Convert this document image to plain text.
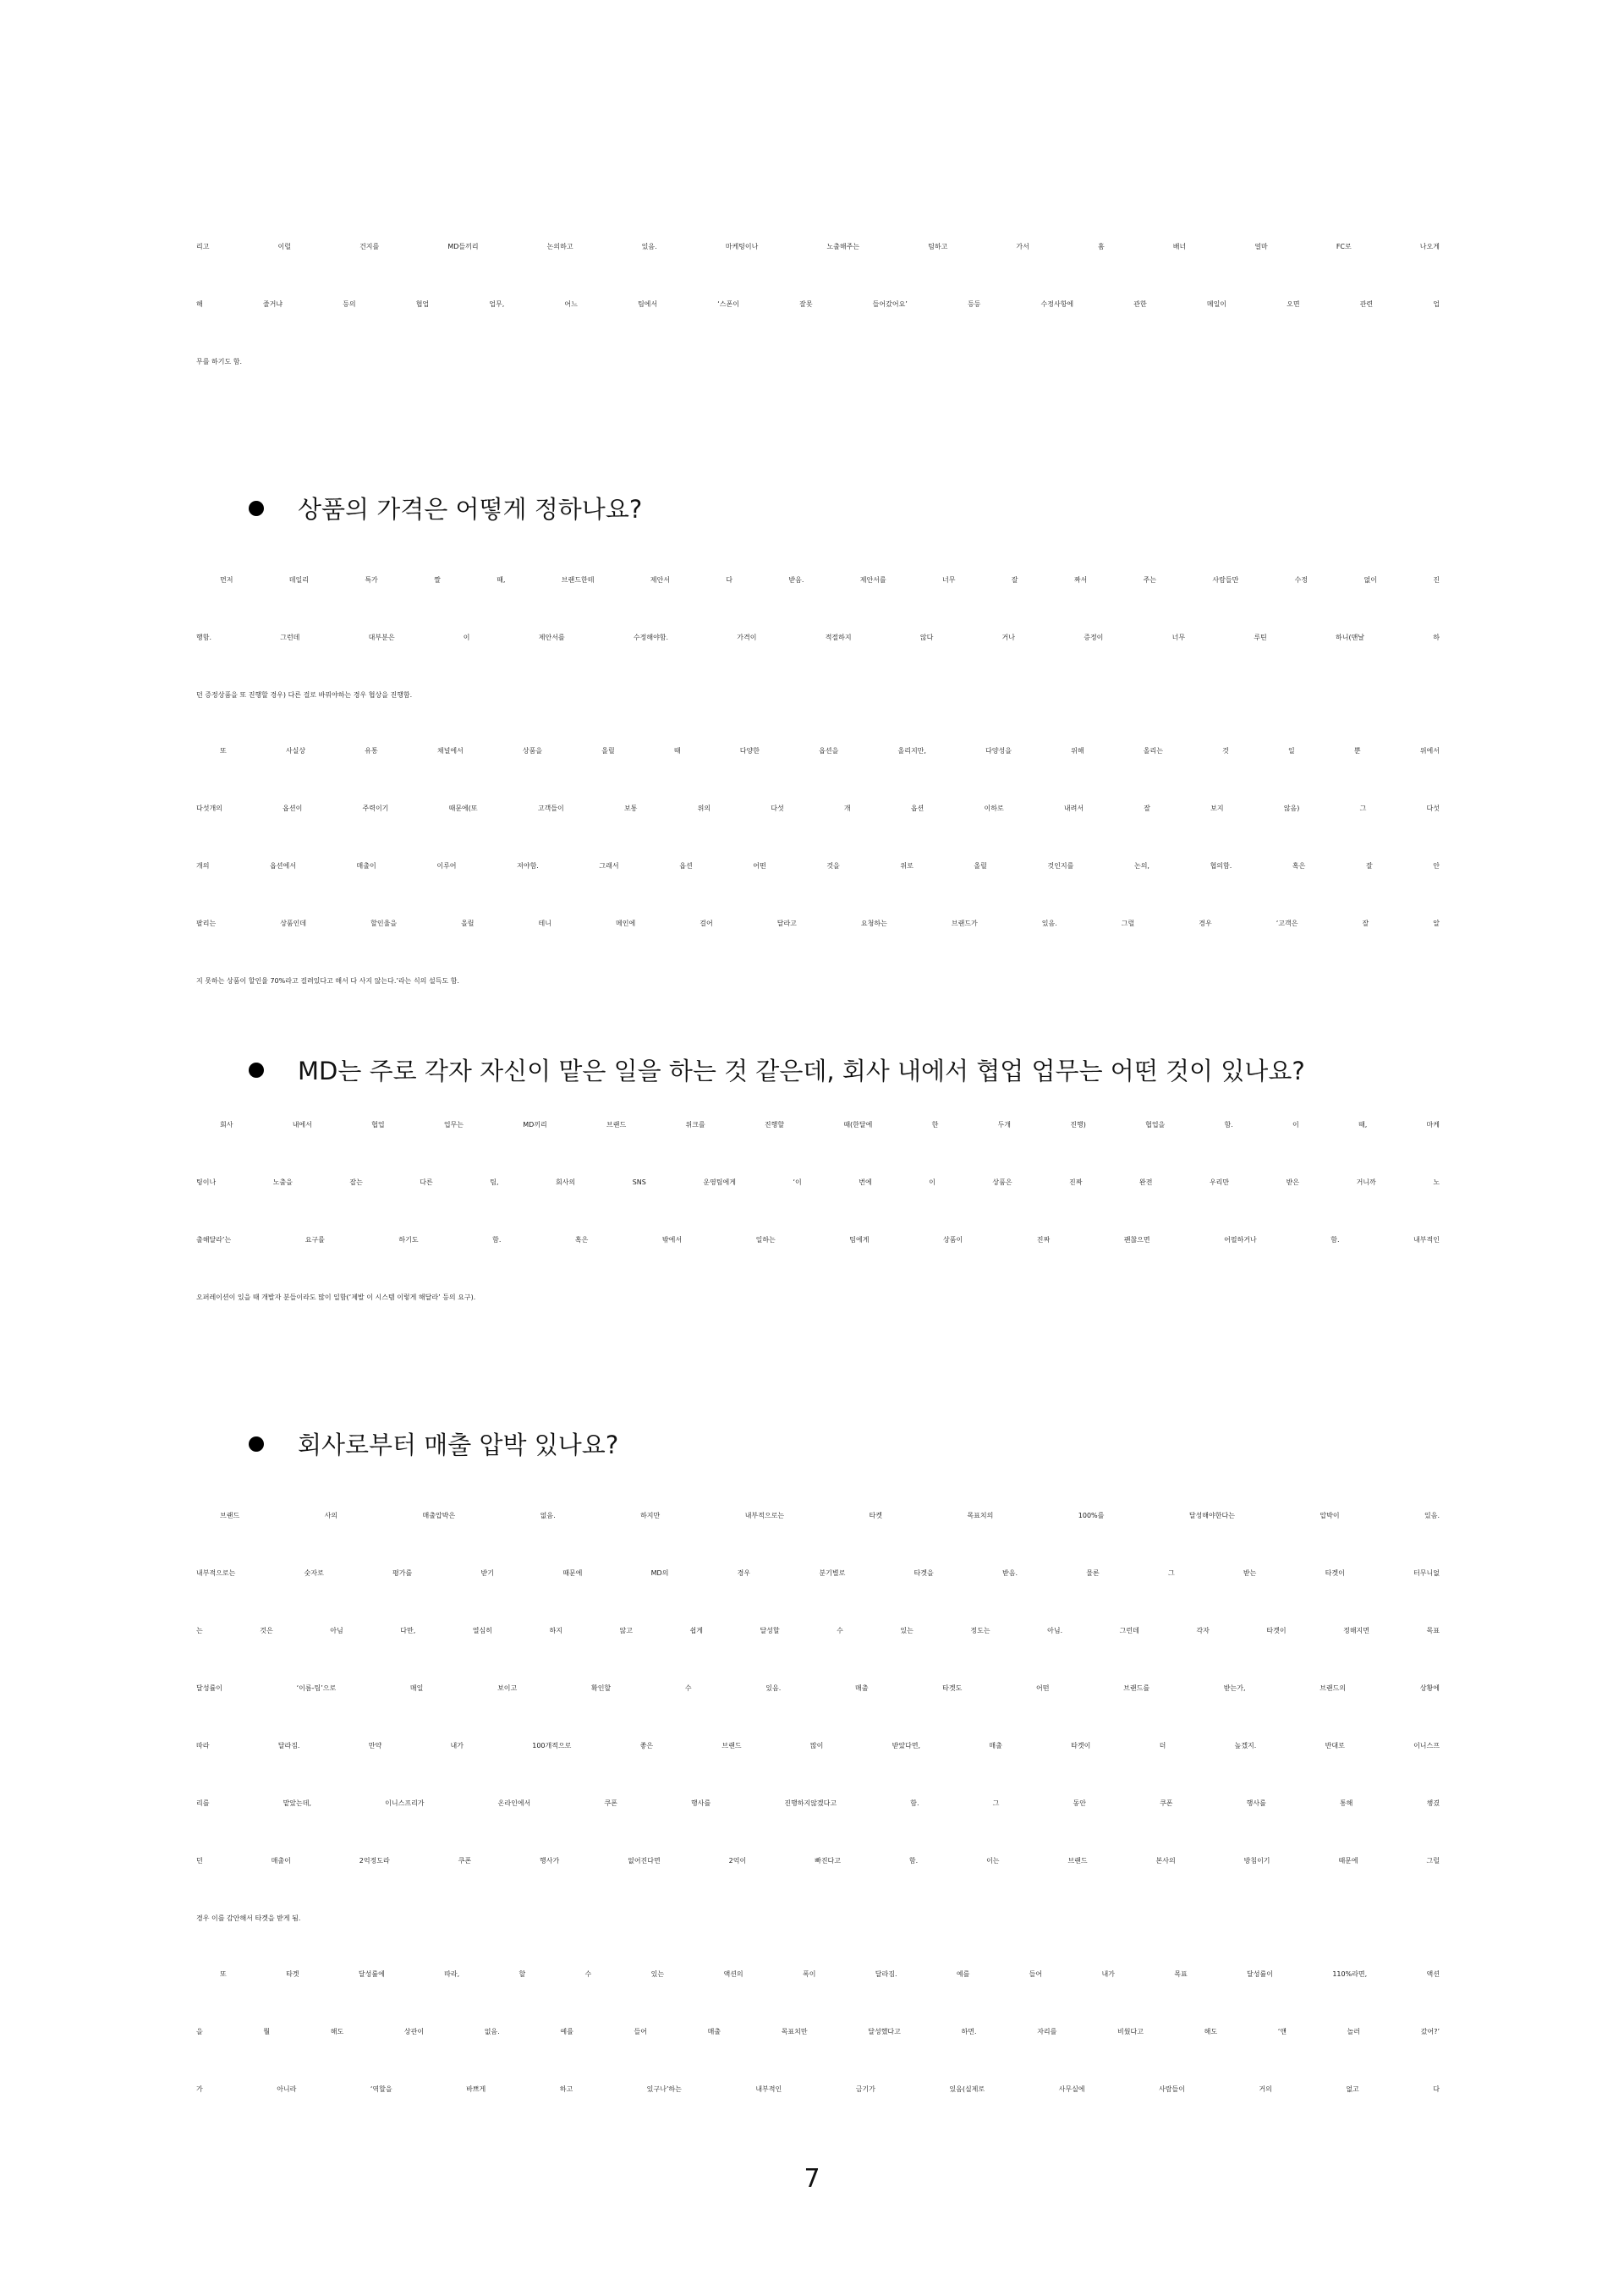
리고 이럴 건지를 MD들끼리 논의하고 있음. 마케팅이나 노출해주는 팀하고 가서 홈 배너 얼마 FC로 나오게
해 줄거냐 등의 협업 업무, 어느 팀에서 ‘스폰이 잘못 들어갔어요’ 등등 수정사항에 관한 메일이 오면 관련 업
무를 하기도 함.
상품의 가격은 어떻게 정하나요?
먼저 데일리 특가 짤 때, 브랜드한테 제안서 다 받음. 제안서를 너무 잘 짜서 주는 사람들만 수정 없이 진
행함. 그런데 대부분은 이 제안서를 수정해야함. 가격이 적절하지 않다 거나 증정이 너무 루틴 하니(맨날 하
던 증정상품을 또 진행할 경우) 다른 걸로 바꿔야하는 경우 협상을 진행함.
또 사실상 유통 채널에서 상품을 올릴 때 다양한 옵션을 올리지만, 다양성을 위해 올리는 것 일 뿐 위에서
다섯개의 옵션이 주력이기 때문에(또 고객들이 보통 위의 다섯 개 옵션 이하로 내려서 잘 보지 않음) 그 다섯
개의 옵션에서 매출이 이루어 져야함. 그래서 옵션 어떤 것을 위로 올릴 것인지를 논의, 협의함. 혹은 잘 안
팔리는 상품인데 할인율을 올릴 테니 메인에 걸어 달라고 요청하는 브랜드가 있음. 그럴 경우 ‘고객은 잘 알
지 못하는 상품이 할인율 70%라고 걸려있다고 해서 다 사지 않는다.’라는 식의 설득도 함.
MD는 주로 각자 자신이 맡은 일을 하는 것 같은데, 회사 내에서 협업 업무는 어떤 것이 있나요?
회사 내에서 협업 업무는 MD끼리 브랜드 위크를 진행할 때(한달에 한 두개 진행) 협업을 함. 이 때, 마케
팅이나 노출을 잡는 다른 팀, 회사의 SNS 운영팀에게 ‘이 번에 이 상품은 진짜 완전 우리만 받은 거니까 노
출해달라’는 요구를 하기도 함. 혹은 밖에서 일하는 팀에게 상품이 진짜 괜찮으면 어필하거나 함. 내부적인
오퍼레이션이 있을 때 개발자 분들이라도 많이 일함(‘제발 이 시스템 이렇게 해달라’ 등의 요구).
회사로부터 매출 압박 있나요?
브랜드 사의 매출압박은 없음. 하지만 내부적으로는 타켓 목표치의 100%를 달성해야한다는 압박이 있음.
내부적으로는 숫자로 평가를 받기 때문에 MD의 경우 분기별로 타겟을 받음. 물론 그 받는 타겟이 터무니없
는 것은 아님 다만, 열심히 하지 않고 쉽게 달성할 수 있는 정도는 아님. 그런데 각자 타겟이 정해지면 목표
달성률이 ‘이름-팀’으로 매일 보이고 확인할 수 있음. 매출 타겟도 어떤 브랜드를 받는가, 브랜드의 상황에
따라 달라짐. 만약 내가 100개적으로 좋은 브랜드 많이 받았다면, 매출 타겟이 더 높겠지. 반대로 이니스프
리를 맡았는데, 이니스프리가 온라인에서 쿠폰 행사를 진행하지않겠다고 함. 그 동안 쿠폰 행사를 통해 챙겼
던 매출이 2억정도라 쿠폰 행사가 없어진다면 2억이 빠진다고 함. 이는 브랜드 본사의 방침이기 때문에 그럴
경우 이를 감안해서 타겟을 받게 됨.
또 타겟 달성률에 따라, 할 수 있는 액션의 폭이 달라짐. 예를 들어 내가 목표 달성률이 110%라면, 액션
을 뭘 해도 상관이 없음. 예를 들어 매출 목표치만 달성했다고 하면. 자리를 비웠다고 해도 ‘얜 놀러 갔어?’
가 아니라 ‘역할을 바쁘게 하고 있구나’하는 내부적인 금기가 있음(실제로 사무실에 사람들이 거의 없고 다
7
